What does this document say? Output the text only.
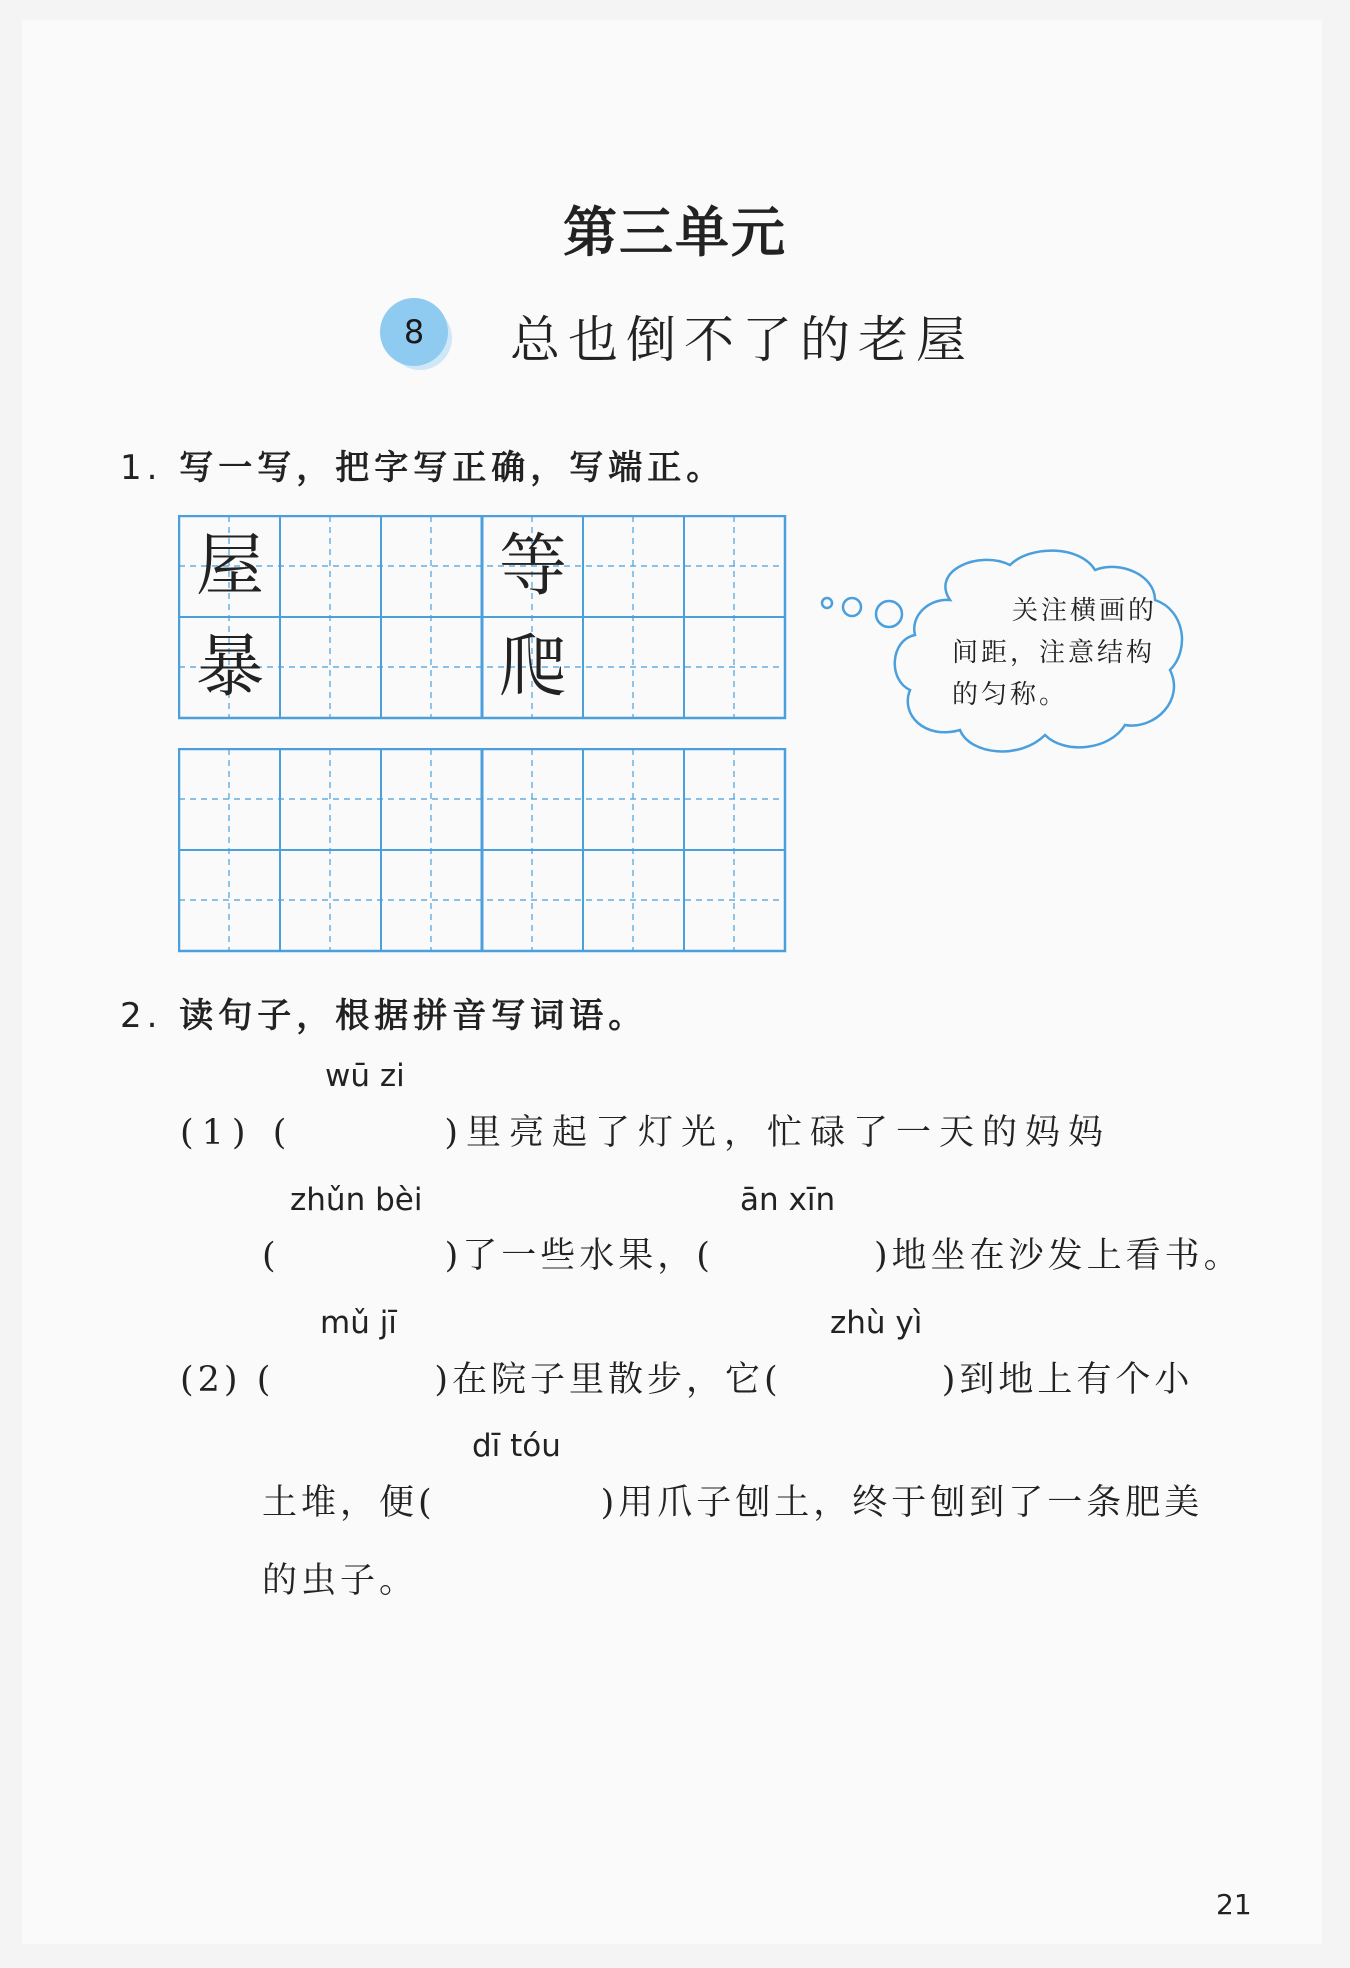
第三单元
8	总也倒不了的老屋
1. 写一写，把字写正确，写端正。
屋	等
暴	爬
关注横画的
间距，注意结构
的匀称。
2. 读句子，根据拼音写词语。
wū zi
(1) (	)里亮起了灯光，忙碌了一天的妈妈
zhǔn bèi	ān xīn
(	)了一些水果，(	)地坐在沙发上看书。
mǔ jī	zhù yì
(2) (	)在院子里散步，它(	)到地上有个小
dī tóu
土堆，便(	)用爪子刨土，终于刨到了一条肥美
的虫子。
21
